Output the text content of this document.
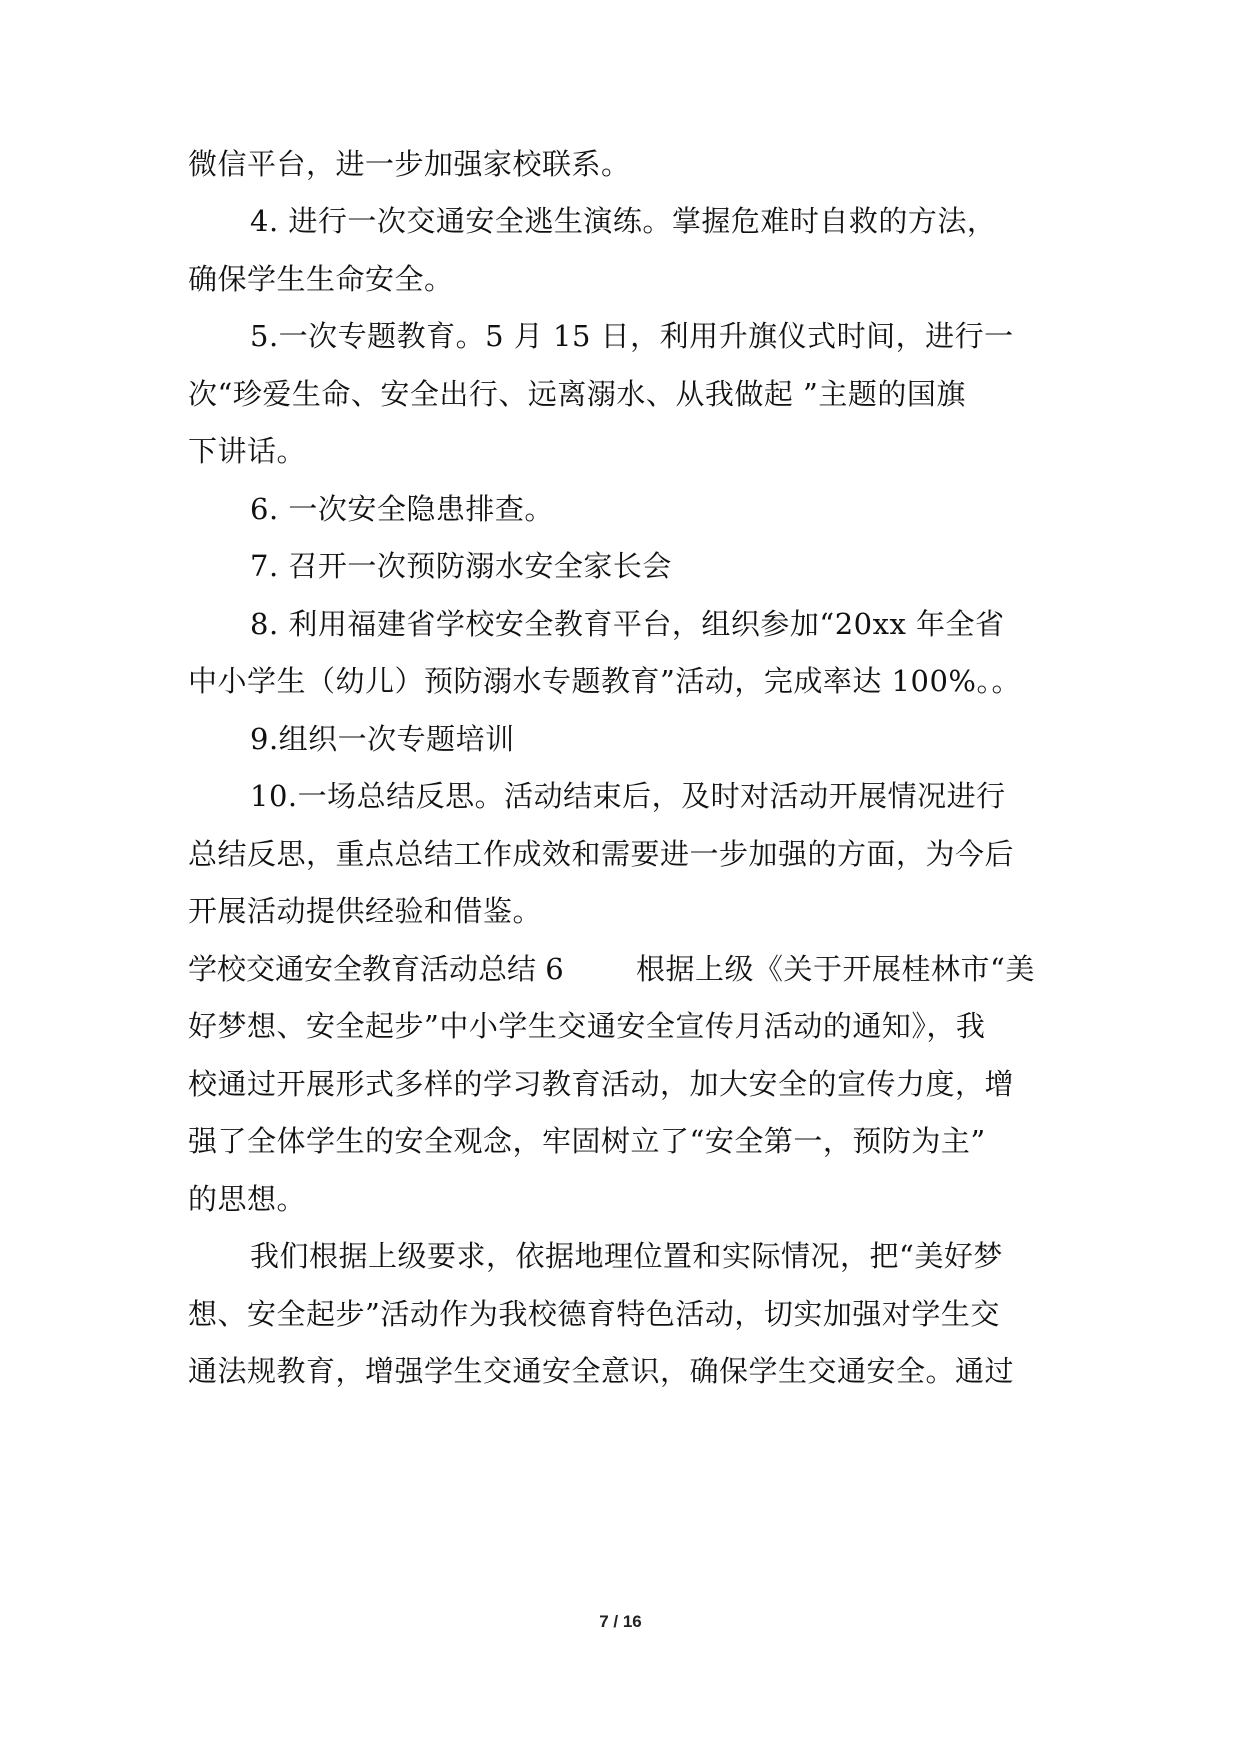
微信平台，进一步加强家校联系。
4. 进行一次交通安全逃生演练。掌握危难时自救的方法，
确保学生生命安全。
5.一次专题教育。5 月 15 日，利用升旗仪式时间，进行一
次“珍爱生命、安全出行、远离溺水、从我做起 ”主题的国旗
下讲话。
6. 一次安全隐患排查。
7. 召开一次预防溺水安全家长会
8. 利用福建省学校安全教育平台，组织参加“20xx 年全省
中小学生（幼儿）预防溺水专题教育”活动，完成率达 100%。。
9.组织一次专题培训
10.一场总结反思。活动结束后，及时对活动开展情况进行
总结反思，重点总结工作成效和需要进一步加强的方面，为今后
开展活动提供经验和借鉴。
学校交通安全教育活动总结 6 根据上级《关于开展桂林市“美
好梦想、安全起步”中小学生交通安全宣传月活动的通知》，我
校通过开展形式多样的学习教育活动，加大安全的宣传力度，增
强了全体学生的安全观念，牢固树立了“安全第一，预防为主”
的思想。
我们根据上级要求，依据地理位置和实际情况，把“美好梦
想、安全起步”活动作为我校德育特色活动，切实加强对学生交
通法规教育，增强学生交通安全意识，确保学生交通安全。通过
7 / 16
